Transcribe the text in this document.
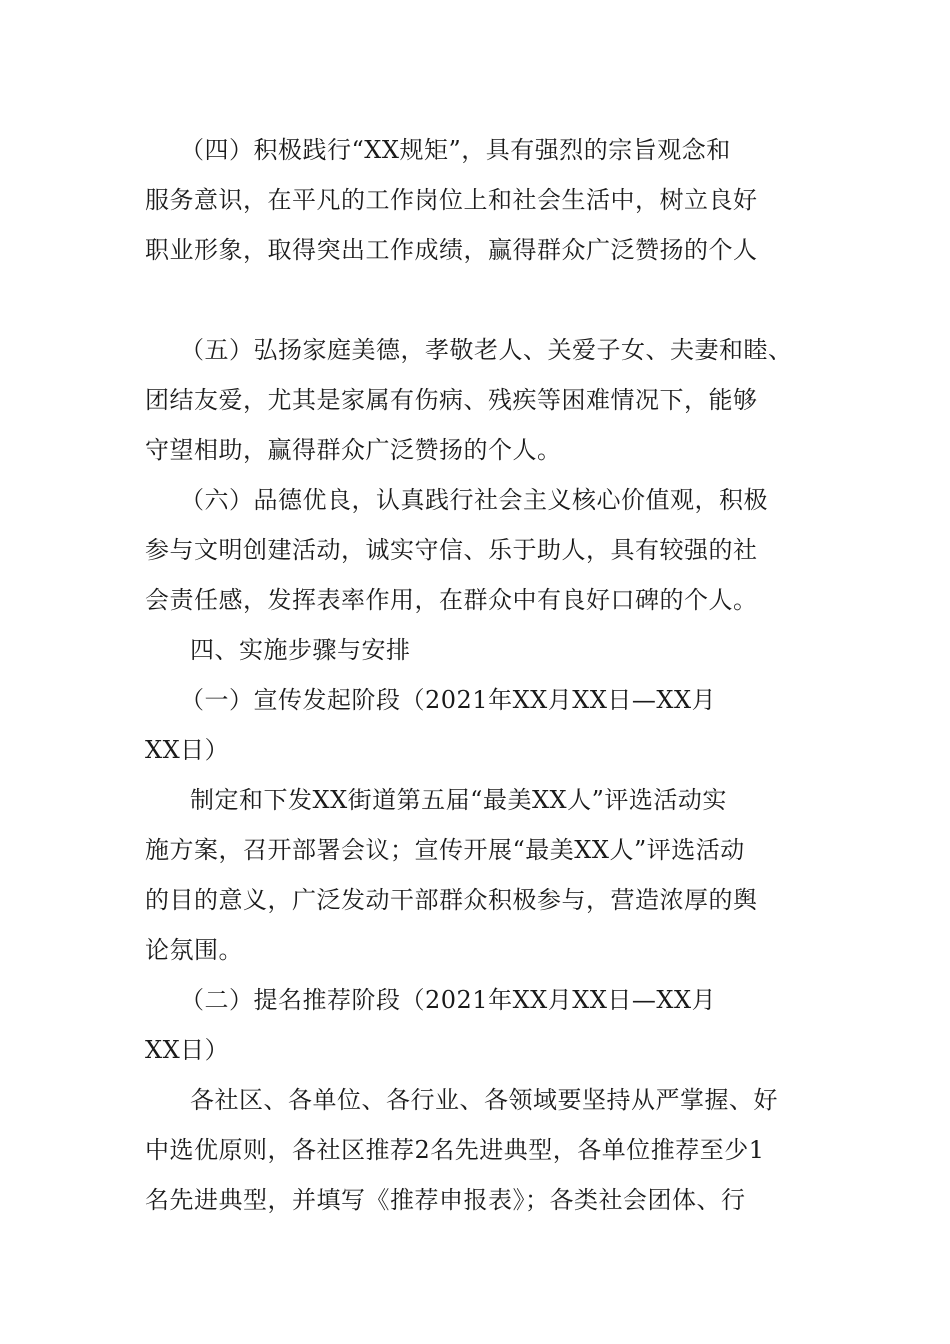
（四）积极践行“XX规矩”，具有强烈的宗旨观念和
服务意识，在平凡的工作岗位上和社会生活中，树立良好
职业形象，取得突出工作成绩，赢得群众广泛赞扬的个人
（五）弘扬家庭美德，孝敬老人、关爱子女、夫妻和睦、
团结友爱，尤其是家属有伤病、残疾等困难情况下，能够
守望相助，赢得群众广泛赞扬的个人。
（六）品德优良，认真践行社会主义核心价值观，积极
参与文明创建活动，诚实守信、乐于助人，具有较强的社
会责任感，发挥表率作用，在群众中有良好口碑的个人。
四、实施步骤与安排
（一）宣传发起阶段（2021年XX月XX日—XX月
XX日）
制定和下发XX街道第五届“最美XX人”评选活动实
施方案，召开部署会议；宣传开展“最美XX人”评选活动
的目的意义，广泛发动干部群众积极参与，营造浓厚的舆
论氛围。
（二）提名推荐阶段（2021年XX月XX日—XX月
XX日）
各社区、各单位、各行业、各领域要坚持从严掌握、好
中选优原则，各社区推荐2名先进典型，各单位推荐至少1
名先进典型，并填写《推荐申报表》；各类社会团体、行
